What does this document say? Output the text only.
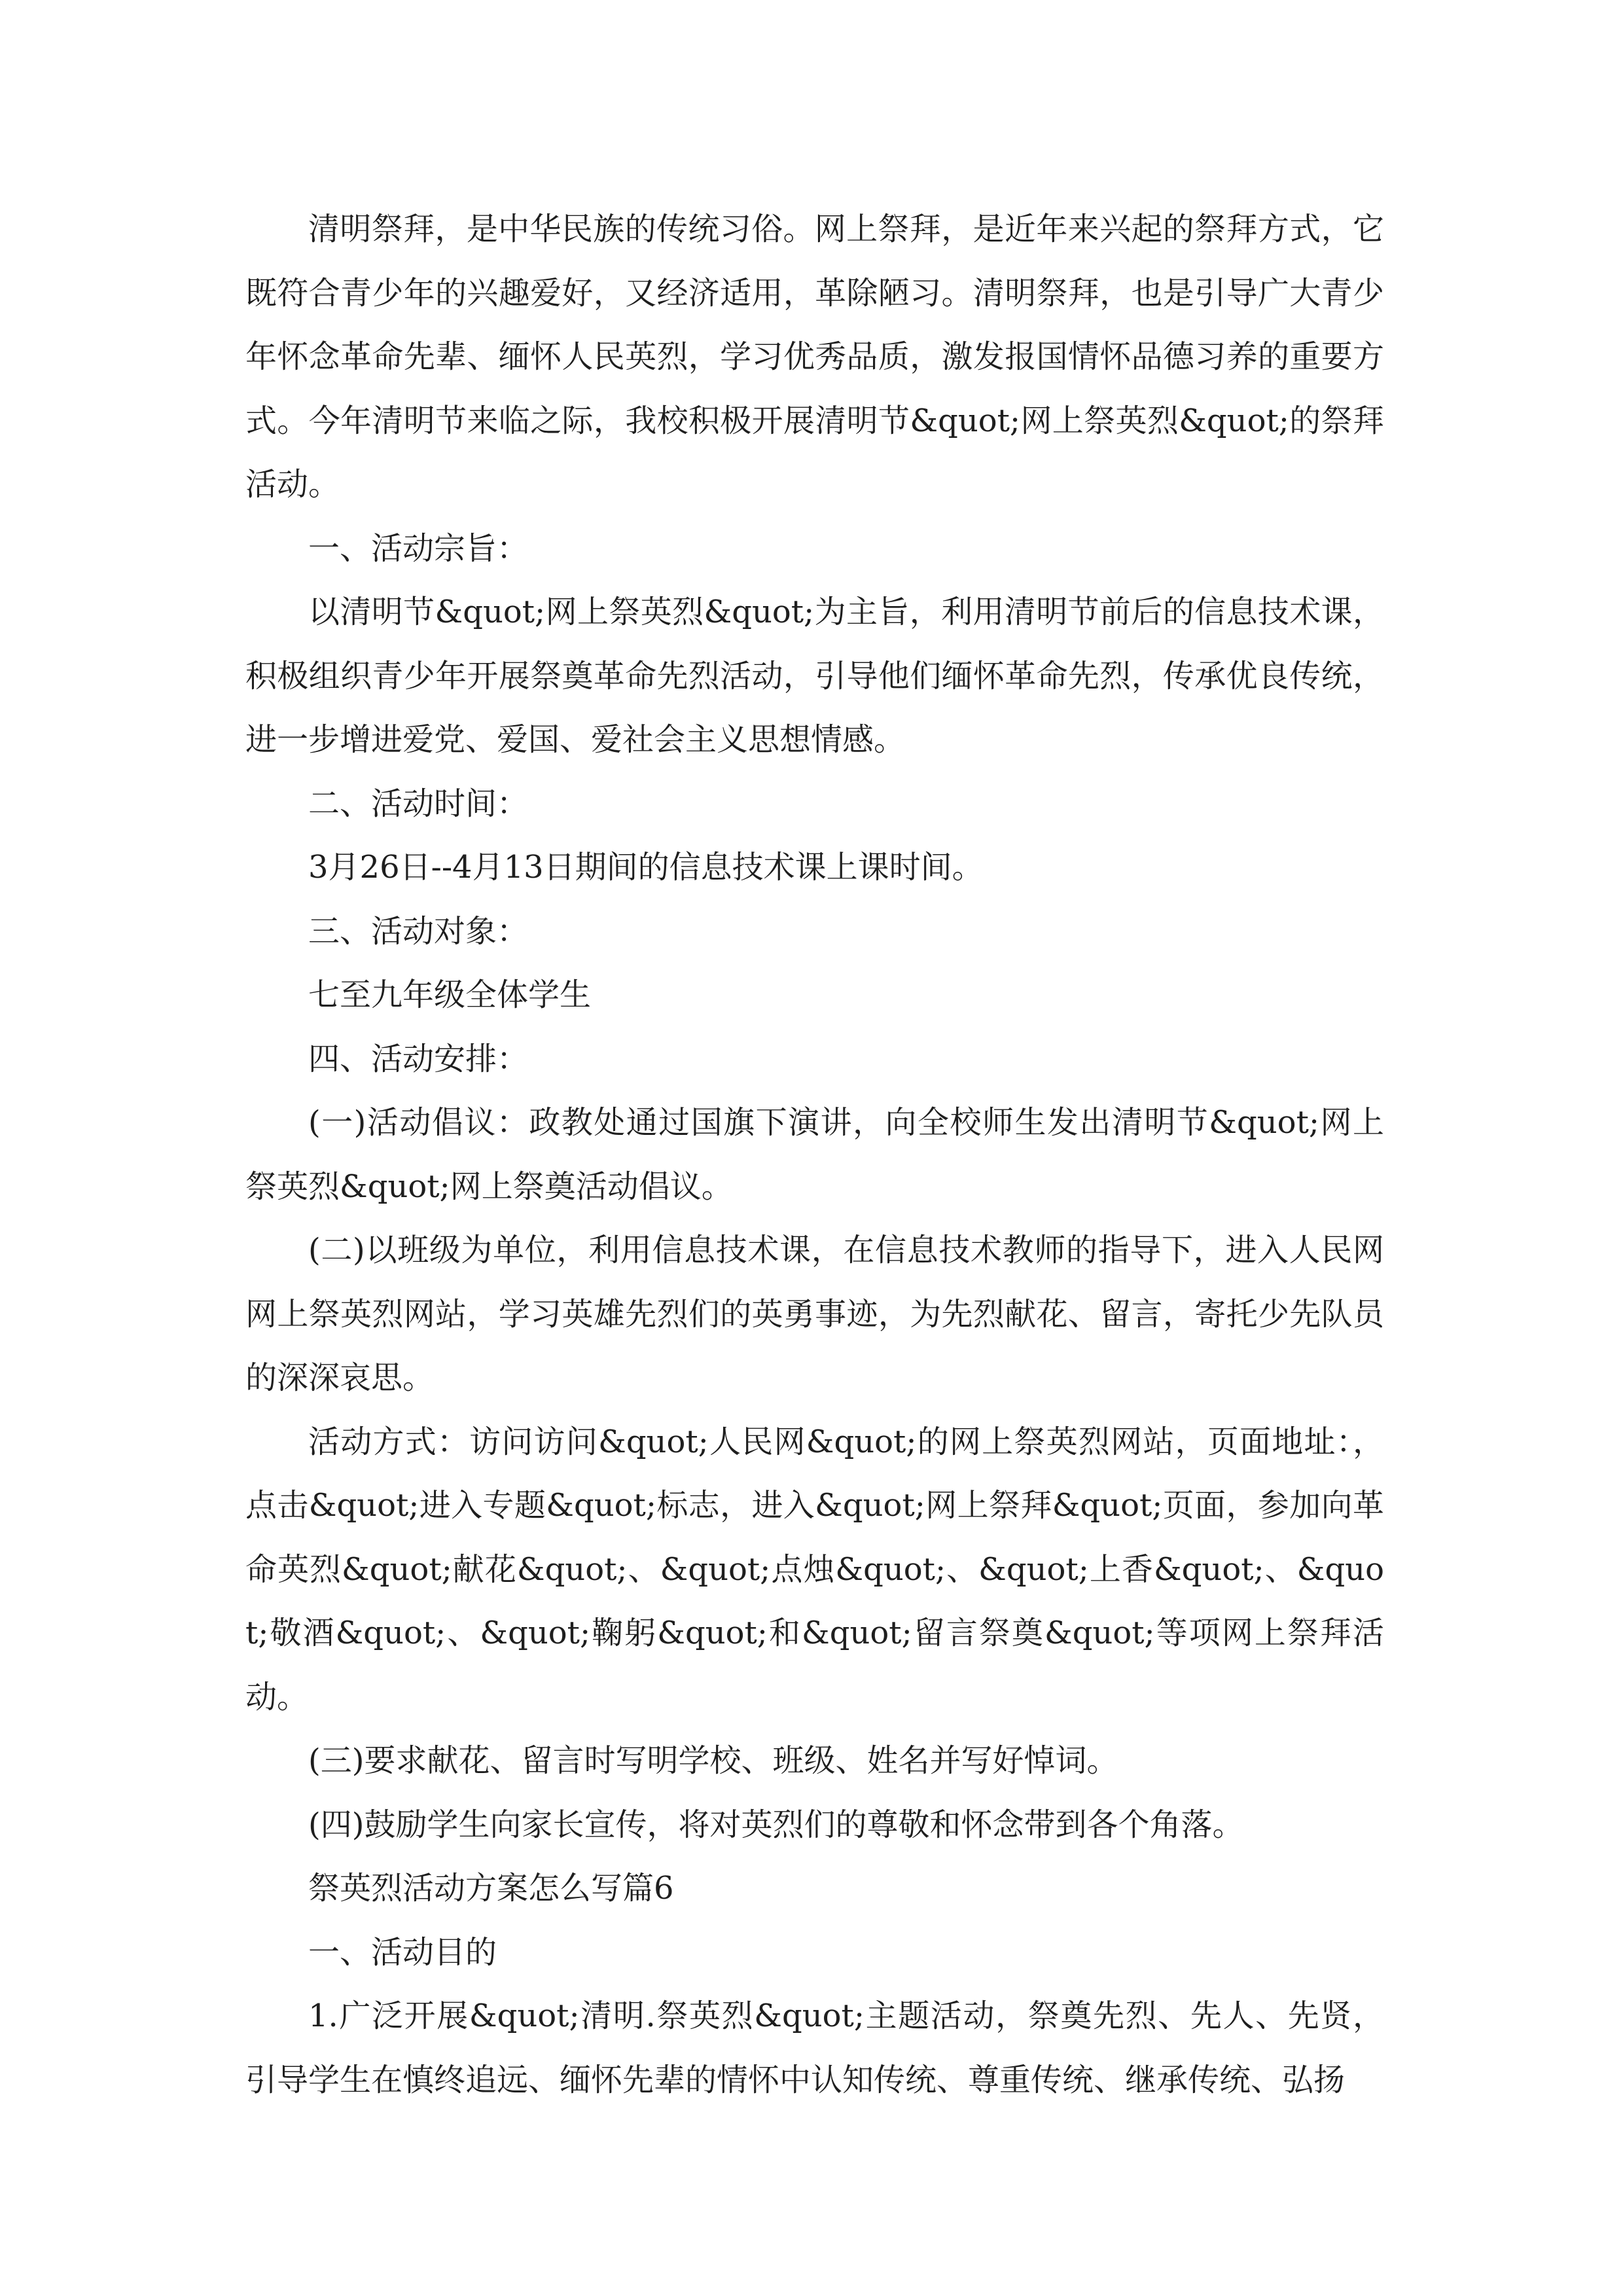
清明祭拜，是中华民族的传统习俗。网上祭拜，是近年来兴起的祭拜方式，它既符合青少年的兴趣爱好，又经济适用，革除陋习。清明祭拜，也是引导广大青少年怀念革命先辈、缅怀人民英烈，学习优秀品质，激发报国情怀品德习养的重要方式。今年清明节来临之际，我校积极开展清明节&quot;网上祭英烈&quot;的祭拜活动。

一、活动宗旨：

以清明节&quot;网上祭英烈&quot;为主旨，利用清明节前后的信息技术课，积极组织青少年开展祭奠革命先烈活动，引导他们缅怀革命先烈，传承优良传统，进一步增进爱党、爱国、爱社会主义思想情感。

二、活动时间：

3月26日--4月13日期间的信息技术课上课时间。

三、活动对象：

七至九年级全体学生

四、活动安排：

(一)活动倡议：政教处通过国旗下演讲，向全校师生发出清明节&quot;网上祭英烈&quot;网上祭奠活动倡议。

(二)以班级为单位，利用信息技术课，在信息技术教师的指导下，进入人民网网上祭英烈网站，学习英雄先烈们的英勇事迹，为先烈献花、留言，寄托少先队员的深深哀思。

活动方式：访问访问&quot;人民网&quot;的网上祭英烈网站，页面地址：，点击&quot;进入专题&quot;标志，进入&quot;网上祭拜&quot;页面，参加向革命英烈&quot;献花&quot;、&quot;点烛&quot;、&quot;上香&quot;、&quot;敬酒&quot;、&quot;鞠躬&quot;和&quot;留言祭奠&quot;等项网上祭拜活动。

(三)要求献花、留言时写明学校、班级、姓名并写好悼词。

(四)鼓励学生向家长宣传，将对英烈们的尊敬和怀念带到各个角落。

祭英烈活动方案怎么写篇6

一、活动目的

1.广泛开展&quot;清明.祭英烈&quot;主题活动，祭奠先烈、先人、先贤，引导学生在慎终追远、缅怀先辈的情怀中认知传统、尊重传统、继承传统、弘扬
